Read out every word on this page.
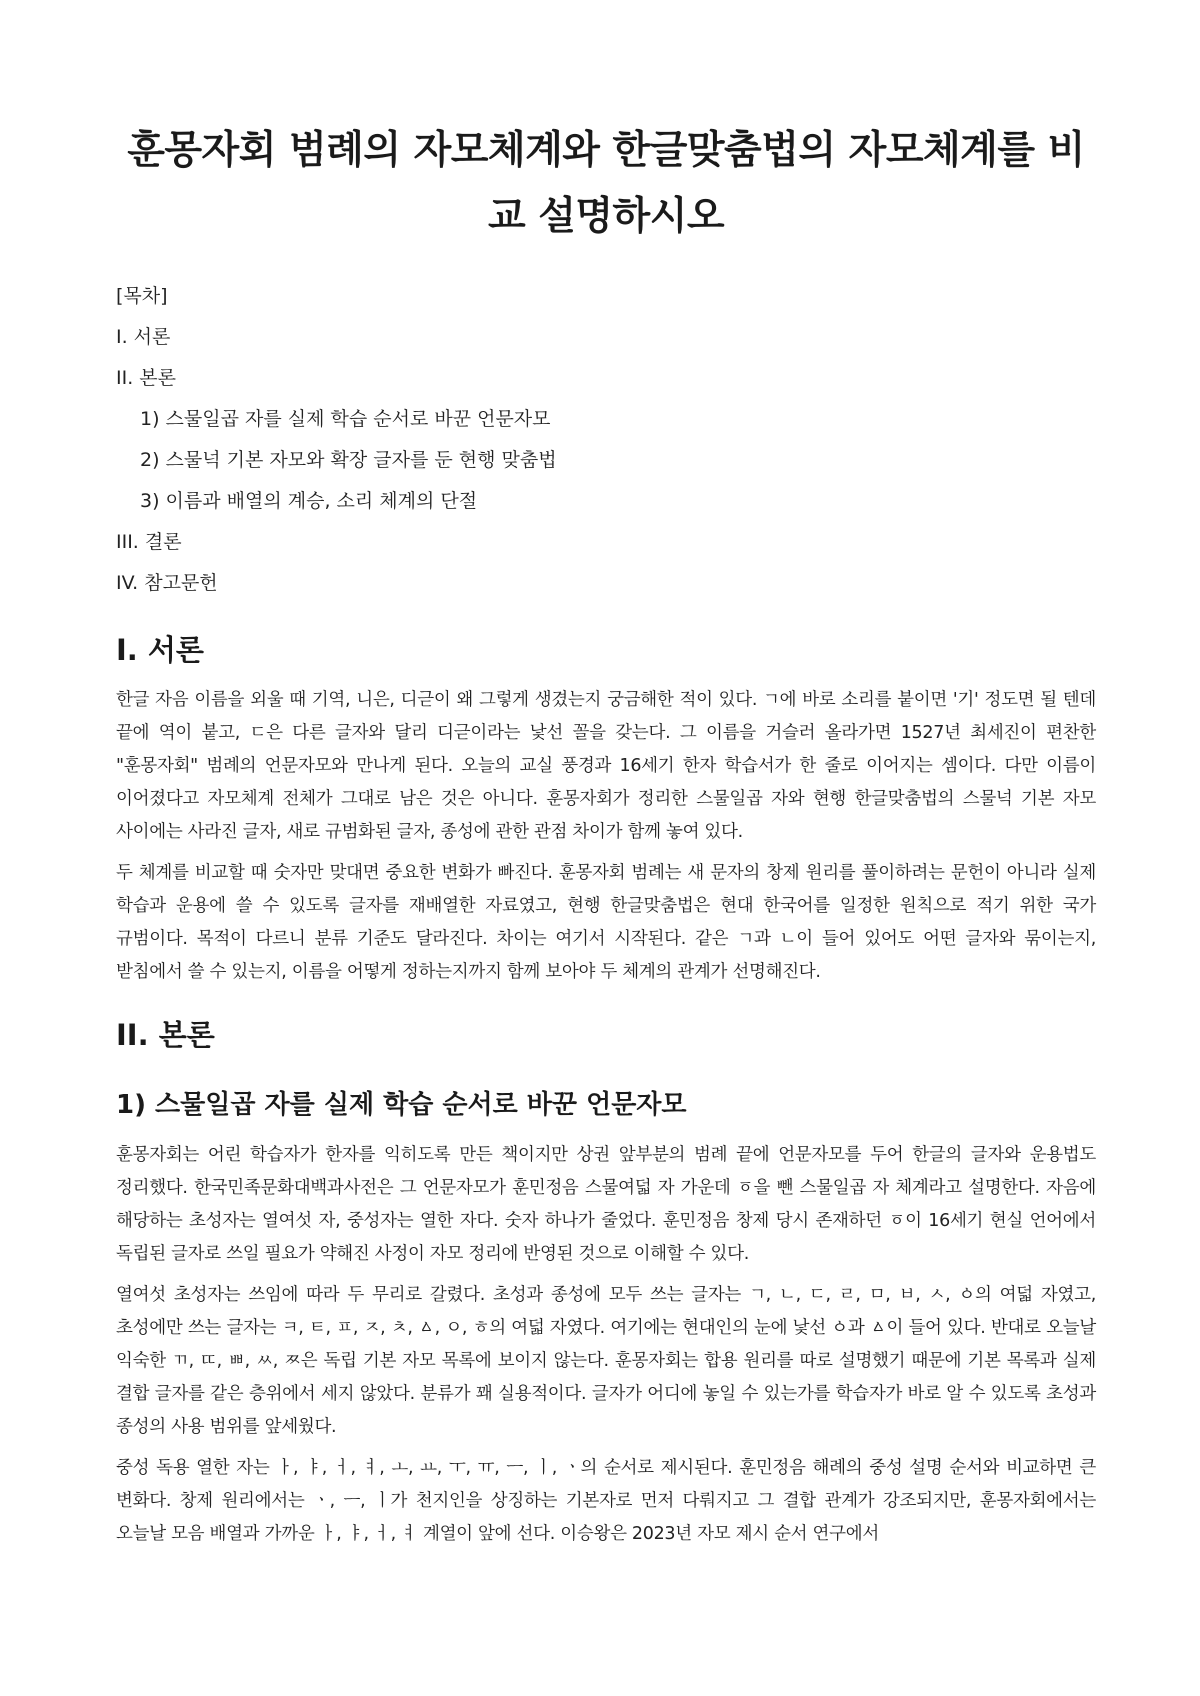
훈몽자회 범례의 자모체계와 한글맞춤법의 자모체계를 비교 설명하시오
[목차]
I. 서론
II. 본론
1) 스물일곱 자를 실제 학습 순서로 바꾼 언문자모
2) 스물넉 기본 자모와 확장 글자를 둔 현행 맞춤법
3) 이름과 배열의 계승, 소리 체계의 단절
III. 결론
IV. 참고문헌
I. 서론

한글 자음 이름을 외울 때 기역, 니은, 디귿이 왜 그렇게 생겼는지 궁금해한 적이 있다. ㄱ에 바로 소리를 붙이면 '기' 정도면 될 텐데 끝에 역이 붙고, ㄷ은 다른 글자와 달리 디귿이라는 낯선 꼴을 갖는다. 그 이름을 거슬러 올라가면 1527년 최세진이 편찬한 "훈몽자회" 범례의 언문자모와 만나게 된다. 오늘의 교실 풍경과 16세기 한자 학습서가 한 줄로 이어지는 셈이다. 다만 이름이 이어졌다고 자모체계 전체가 그대로 남은 것은 아니다. 훈몽자회가 정리한 스물일곱 자와 현행 한글맞춤법의 스물넉 기본 자모 사이에는 사라진 글자, 새로 규범화된 글자, 종성에 관한 관점 차이가 함께 놓여 있다.

두 체계를 비교할 때 숫자만 맞대면 중요한 변화가 빠진다. 훈몽자회 범례는 새 문자의 창제 원리를 풀이하려는 문헌이 아니라 실제 학습과 운용에 쓸 수 있도록 글자를 재배열한 자료였고, 현행 한글맞춤법은 현대 한국어를 일정한 원칙으로 적기 위한 국가 규범이다. 목적이 다르니 분류 기준도 달라진다. 차이는 여기서 시작된다. 같은 ㄱ과 ㄴ이 들어 있어도 어떤 글자와 묶이는지, 받침에서 쓸 수 있는지, 이름을 어떻게 정하는지까지 함께 보아야 두 체계의 관계가 선명해진다.

II. 본론
1) 스물일곱 자를 실제 학습 순서로 바꾼 언문자모

훈몽자회는 어린 학습자가 한자를 익히도록 만든 책이지만 상권 앞부분의 범례 끝에 언문자모를 두어 한글의 글자와 운용법도 정리했다. 한국민족문화대백과사전은 그 언문자모가 훈민정음 스물여덟 자 가운데 ㆆ을 뺀 스물일곱 자 체계라고 설명한다. 자음에 해당하는 초성자는 열여섯 자, 중성자는 열한 자다. 숫자 하나가 줄었다. 훈민정음 창제 당시 존재하던 ㆆ이 16세기 현실 언어에서 독립된 글자로 쓰일 필요가 약해진 사정이 자모 정리에 반영된 것으로 이해할 수 있다.

열여섯 초성자는 쓰임에 따라 두 무리로 갈렸다. 초성과 종성에 모두 쓰는 글자는 ㄱ, ㄴ, ㄷ, ㄹ, ㅁ, ㅂ, ㅅ, ㆁ의 여덟 자였고, 초성에만 쓰는 글자는 ㅋ, ㅌ, ㅍ, ㅈ, ㅊ, ㅿ, ㅇ, ㅎ의 여덟 자였다. 여기에는 현대인의 눈에 낯선 ㆁ과 ㅿ이 들어 있다. 반대로 오늘날 익숙한 ㄲ, ㄸ, ㅃ, ㅆ, ㅉ은 독립 기본 자모 목록에 보이지 않는다. 훈몽자회는 합용 원리를 따로 설명했기 때문에 기본 목록과 실제 결합 글자를 같은 층위에서 세지 않았다. 분류가 꽤 실용적이다. 글자가 어디에 놓일 수 있는가를 학습자가 바로 알 수 있도록 초성과 종성의 사용 범위를 앞세웠다.

중성 독용 열한 자는 ㅏ, ㅑ, ㅓ, ㅕ, ㅗ, ㅛ, ㅜ, ㅠ, ㅡ, ㅣ, ㆍ의 순서로 제시된다. 훈민정음 해례의 중성 설명 순서와 비교하면 큰 변화다. 창제 원리에서는 ㆍ, ㅡ, ㅣ가 천지인을 상징하는 기본자로 먼저 다뤄지고 그 결합 관계가 강조되지만, 훈몽자회에서는 오늘날 모음 배열과 가까운 ㅏ, ㅑ, ㅓ, ㅕ 계열이 앞에 선다. 이승왕은 2023년 자모 제시 순서 연구에서
